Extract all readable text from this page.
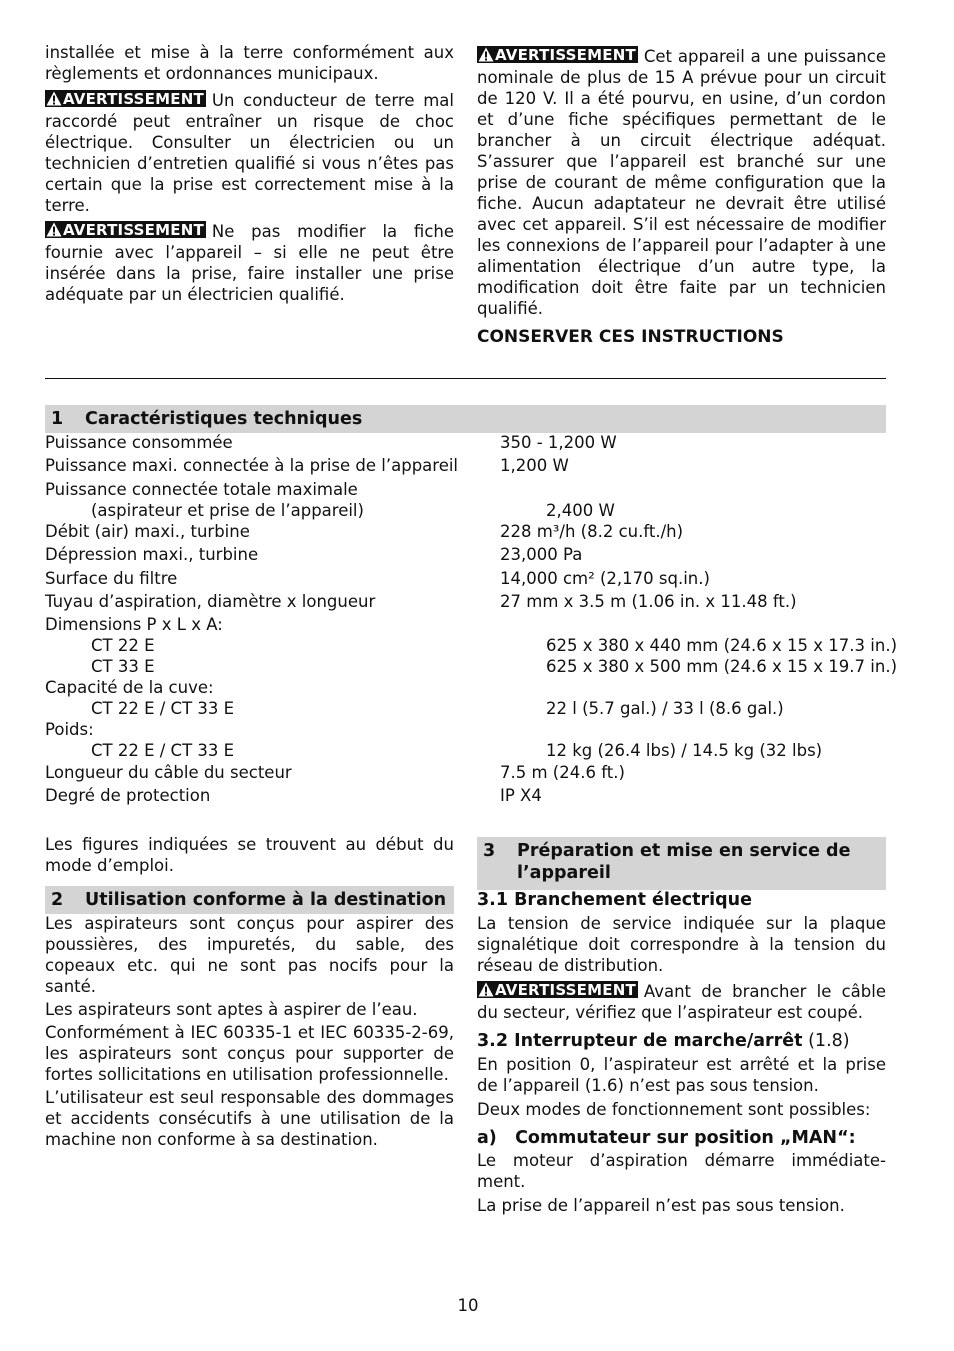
installée et mise à la terre conformément aux règlements et ordonnances municipaux.

AVERTISSEMENT Un conducteur de terre mal raccordé peut entraîner un risque de choc électrique. Consulter un électricien ou un technicien d’entretien qualifié si vous n’êtes pas certain que la prise est correctement mise à la terre.

AVERTISSEMENT Ne pas modifier la fiche fournie avec l’appareil – si elle ne peut être insérée dans la prise, faire installer une prise adéquate par un électricien qualifié.

AVERTISSEMENT Cet appareil a une puissance nominale de plus de 15 A prévue pour un circuit de 120 V. Il a été pourvu, en usine, d’un cordon et d’une fiche spécifiques permettant de le brancher à un circuit électrique adéquat. S’assurer que l’appareil est branché sur une prise de courant de même configuration que la fiche. Aucun adaptateur ne devrait être utilisé avec cet appareil. S’il est nécessaire de modifier les connexions de l’appareil pour l’adapter à une alimentation électrique d’un autre type, la modification doit être faite par un technicien qualifié.

CONSERVER CES INSTRUCTIONS
1 Caractéristiques techniques
Puissance consommée	350 - 1,200 W
Puissance maxi. connectée à la prise de l’appareil	1,200 W
Puissance connectée totale maximale
(aspirateur et prise de l’appareil)	2,400 W
Débit (air) maxi., turbine	228 m³/h (8.2 cu.ft./h)
Dépression maxi., turbine	23,000 Pa
Surface du filtre	14,000 cm² (2,170 sq.in.)
Tuyau d’aspiration, diamètre x longueur	27 mm x 3.5 m (1.06 in. x 11.48 ft.)
Dimensions P x L x A:
CT 22 E	625 x 380 x 440 mm (24.6 x 15 x 17.3 in.)
CT 33 E	625 x 380 x 500 mm (24.6 x 15 x 19.7 in.)
Capacité de la cuve:
CT 22 E / CT 33 E	22 l (5.7 gal.) / 33 l (8.6 gal.)
Poids:
CT 22 E / CT 33 E	12 kg (26.4 lbs) / 14.5 kg (32 lbs)
Longueur du câble du secteur	7.5 m (24.6 ft.)
Degré de protection	IP X4

Les figures indiquées se trouvent au début du mode d’emploi.

2 Utilisation conforme à la destination

Les aspirateurs sont conçus pour aspirer des poussières, des impuretés, du sable, des copeaux etc. qui ne sont pas nocifs pour la santé.

Les aspirateurs sont aptes à aspirer de l’eau.

Conformément à IEC 60335-1 et IEC 60335-2-69, les aspirateurs sont conçus pour supporter de fortes sollicitations en utilisation professionnelle.

L’utilisateur est seul responsable des dommages et accidents consécutifs à une utilisation de la machine non conforme à sa destination.

3	Préparation et mise en service de
l’appareil
3.1 Branchement électrique

La tension de service indiquée sur la plaque signalétique doit correspondre à la tension du réseau de distribution.

AVERTISSEMENT Avant de brancher le câble du secteur, vérifiez que l’aspirateur est coupé.

3.2 Interrupteur de marche/arrêt (1.8)

En position 0, l’aspirateur est arrêté et la prise de l’appareil (1.6) n’est pas sous tension.

Deux modes de fonctionnement sont possibles:

a)   Commutateur sur position „MAN“:

Le moteur d’aspiration démarre immédiate-ment.

La prise de l’appareil n’est pas sous tension.

10
